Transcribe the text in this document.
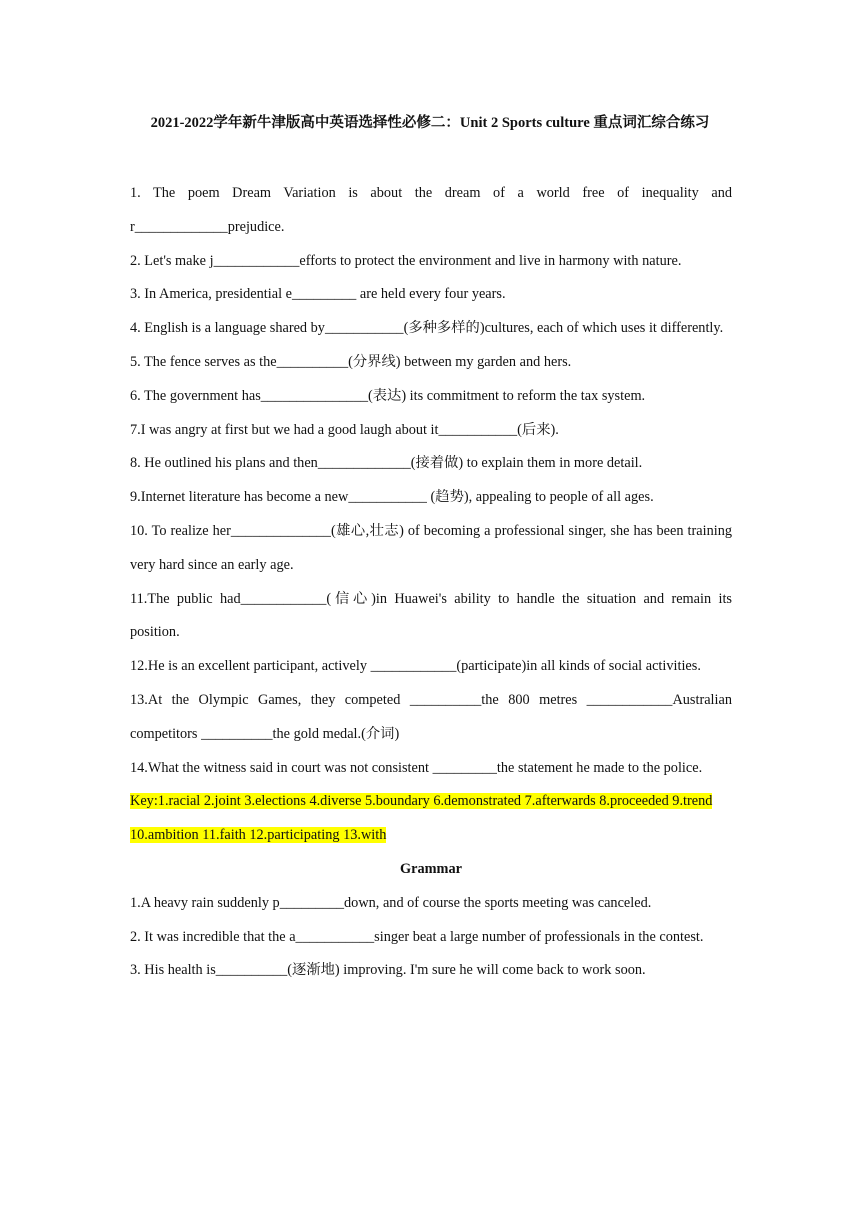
2021-2022学年新牛津版高中英语选择性必修二：Unit 2 Sports culture 重点词汇综合练习

1. The poem Dream Variation is about the dream of a world free of inequality and r_____________prejudice.

2. Let's make j____________efforts to protect the environment and live in harmony with nature.

3. In America, presidential e_________ are held every four years.

4. English is a language shared by___________(多种多样的)cultures, each of which uses it differently.

5. The fence serves as the__________(分界线) between my garden and hers.

6. The government has_______________(表达) its commitment to reform the tax system.

7.I was angry at first but we had a good laugh about it___________(后来).

8. He outlined his plans and then_____________(接着做) to explain them in more detail.

9.Internet literature has become a new___________ (趋势), appealing to people of all ages.

10. To realize her______________(雄心,壮志) of becoming a professional singer, she has been training very hard since an early age.

11.The public had____________(信心)in Huawei's ability to handle the situation and remain its position.

12.He is an excellent participant, actively ____________(participate)in all kinds of social activities.

13.At the Olympic Games, they competed __________the 800 metres ____________Australian competitors __________the gold medal.(介词)

14.What the witness said in court was not consistent _________the statement he made to the police.

Key:1.racial 2.joint 3.elections 4.diverse 5.boundary 6.demonstrated 7.afterwards 8.proceeded 9.trend 10.ambition 11.faith 12.participating 13.with

Grammar

1.A heavy rain suddenly p_________down, and of course the sports meeting was canceled.

2. It was incredible that the a___________singer beat a large number of professionals in the contest.

3. His health is__________(逐渐地) improving. I'm sure he will come back to work soon.
